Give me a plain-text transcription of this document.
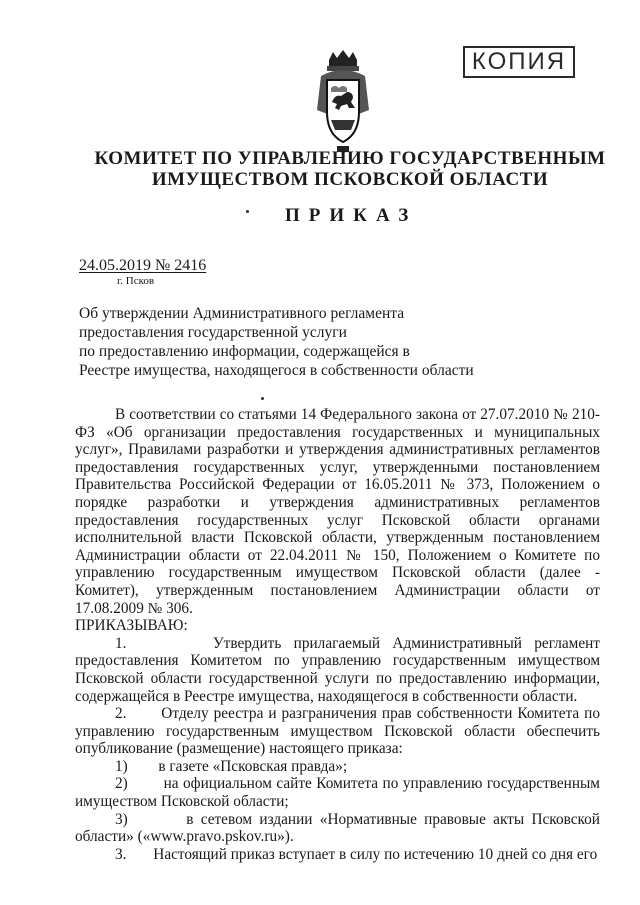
КОПИЯ
КОМИТЕТ ПО УПРАВЛЕНИЮ ГОСУДАРСТВЕННЫМ
ИМУЩЕСТВОМ ПСКОВСКОЙ ОБЛАСТИ
ПРИКАЗ
24.05.2019 № 2416
г. Псков
Об утверждении Административного регламента
предоставления государственной услуги
по предоставлению информации, содержащейся в
Реестре имущества, находящегося в собственности области

В соответствии со статьями 14 Федерального закона от 27.07.2010 № 210-ФЗ «Об организации предоставления государственных и муниципальных услуг», Правилами разработки и утверждения административных регламентов предоставления государственных услуг, утвержденными постановлением Правительства Российской Федерации от 16.05.2011 № 373, Положением о порядке разработки и утверждения административных регламентов предоставления государственных услуг Псковской области органами исполнительной власти Псковской области, утвержденным постановлением Администрации области от 22.04.2011 № 150, Положением о Комитете по управлению государственным имуществом Псковской области (далее - Комитет), утвержденным постановлением Администрации области от 17.08.2009 № 306.

ПРИКАЗЫВАЮ:

1.	Утвердить прилагаемый Административный регламент предоставления Комитетом по управлению государственным имуществом Псковской области государственной услуги по предоставлению информации, содержащейся в Реестре имущества, находящегося в собственности области.

2. Отделу реестра и разграничения прав собственности Комитета по управлению государственным имуществом Псковской области обеспечить опубликование (размещение) настоящего приказа:

1) в газете «Псковская правда»;

2) на официальном сайте Комитета по управлению государственным имуществом Псковской области;

3)	в сетевом издании «Нормативные правовые акты Псковской области» («www.pravo.pskov.ru»).

3. Настоящий приказ вступает в силу по истечению 10 дней со дня его
